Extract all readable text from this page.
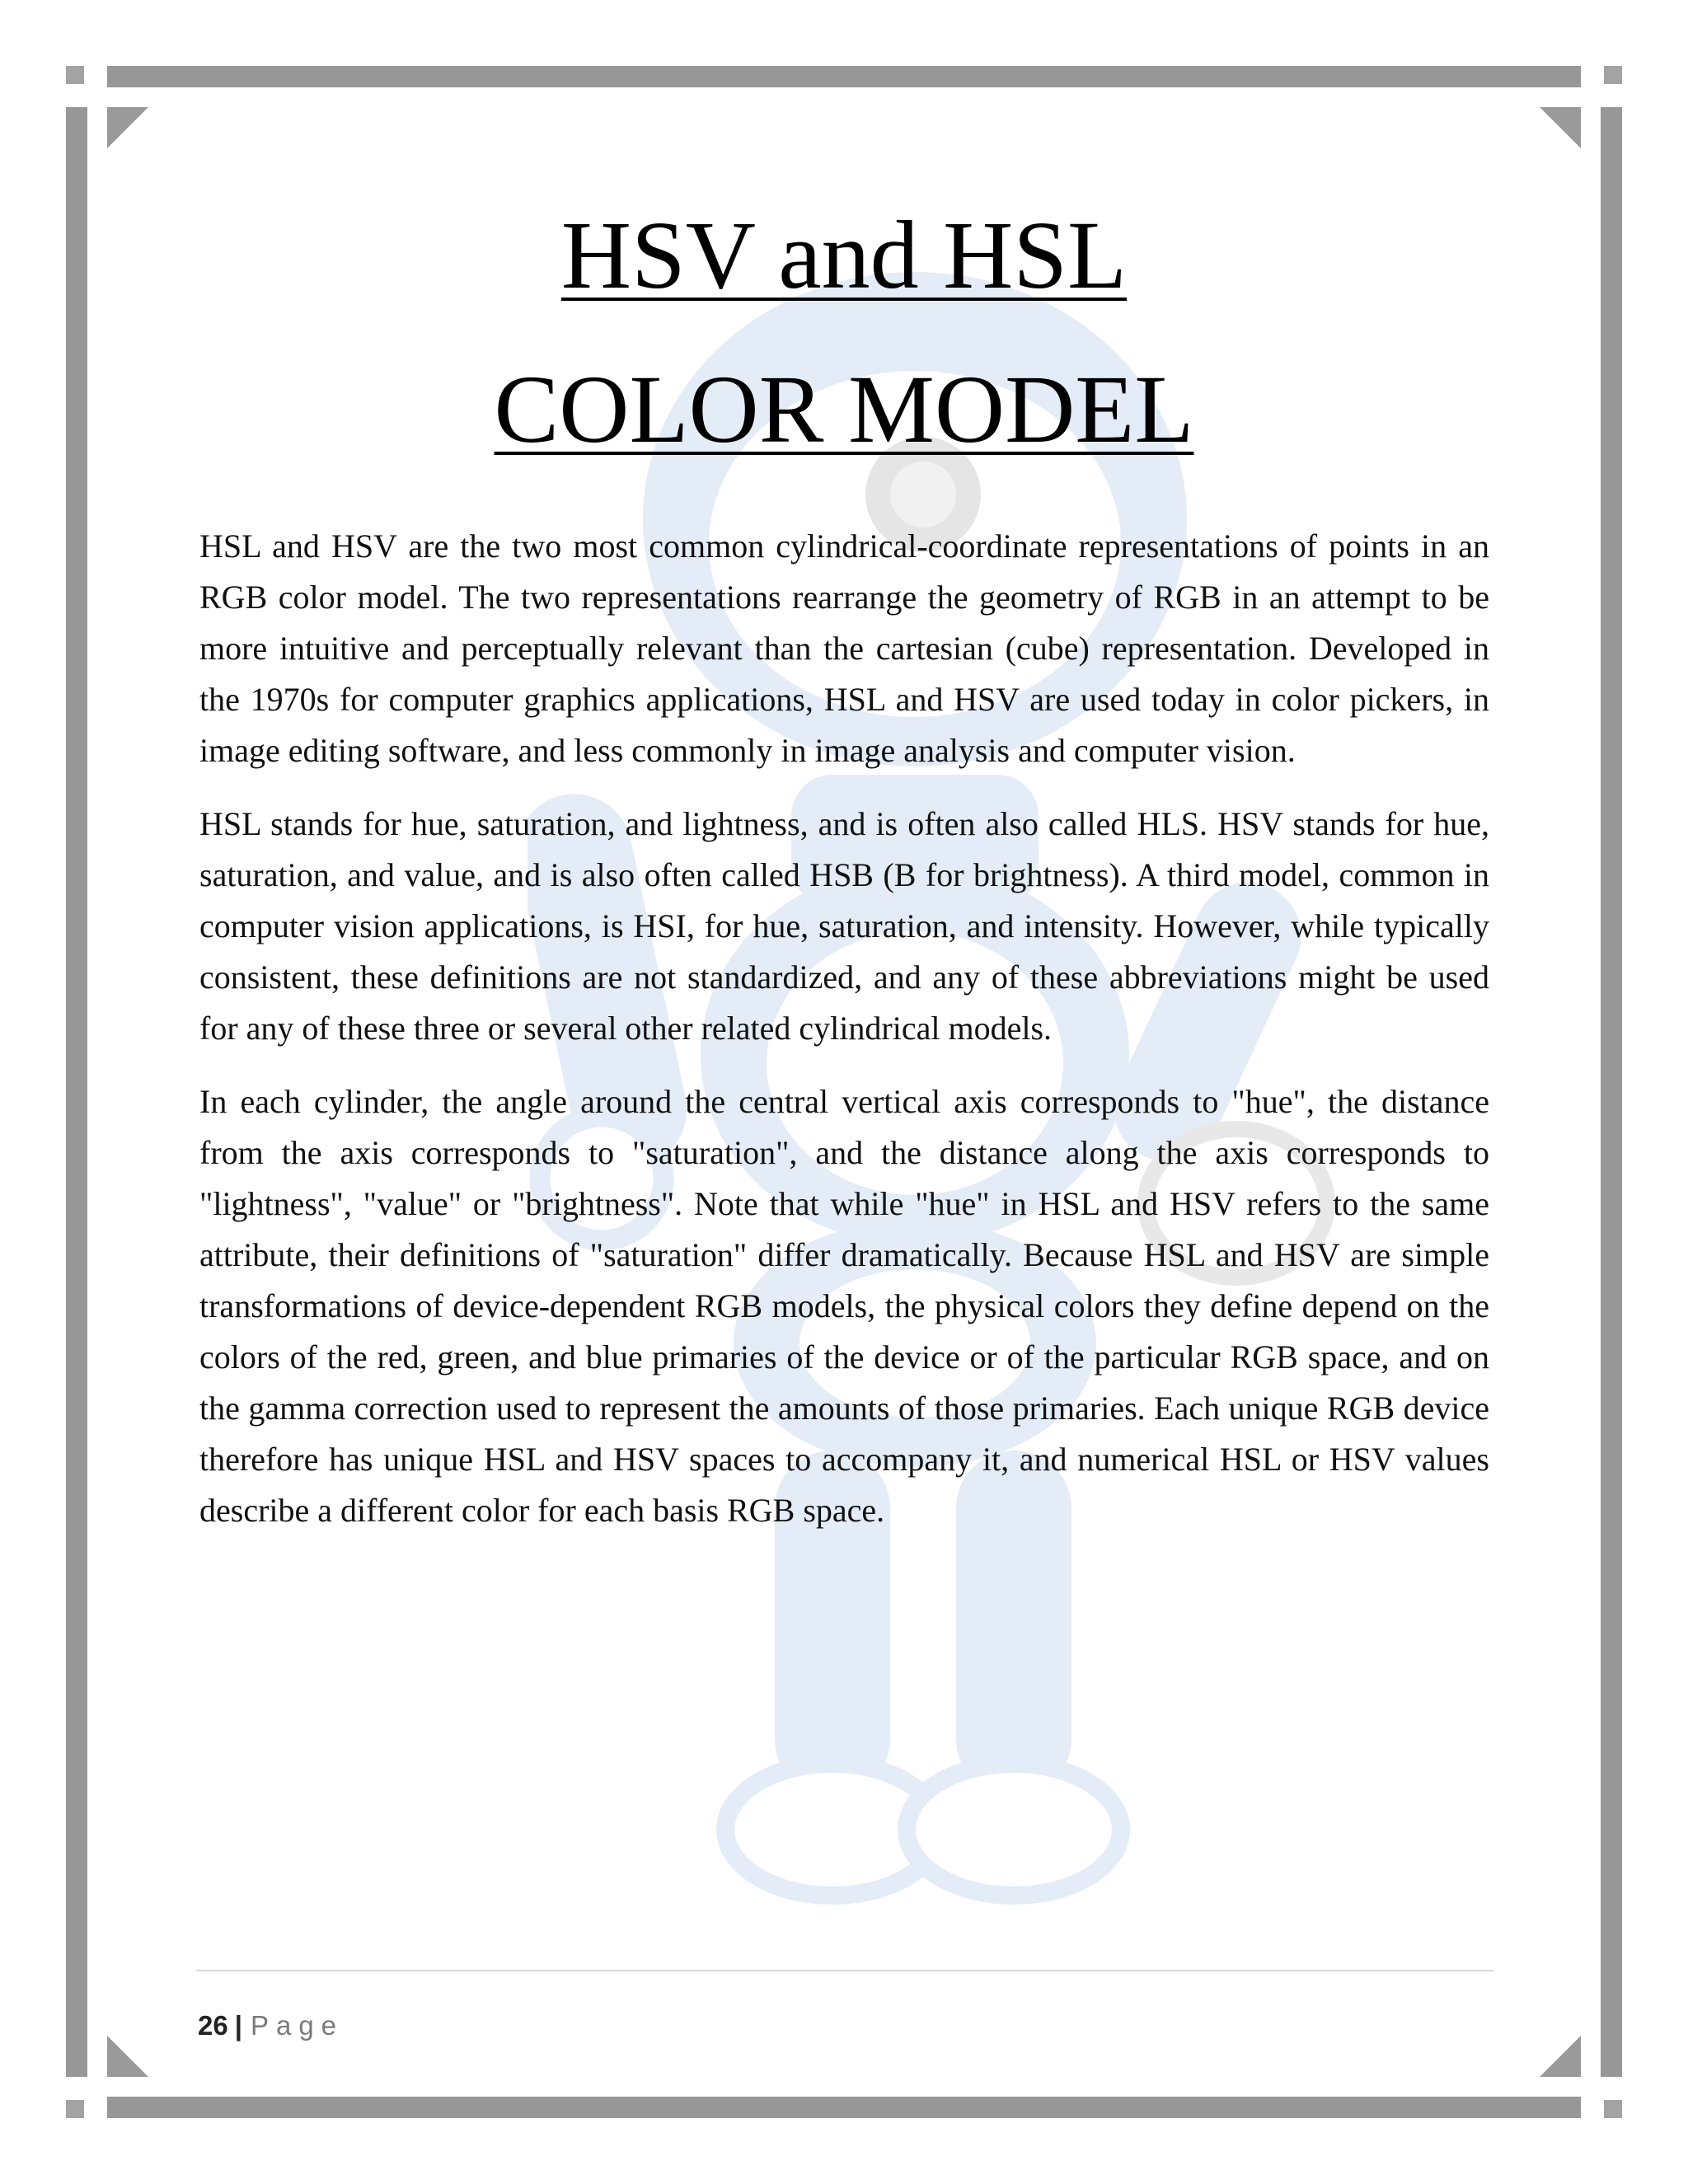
HSV and HSL
COLOR MODEL

HSL and HSV are the two most common cylindrical-coordinate representations of points in an RGB color model. The two representations rearrange the geometry of RGB in an attempt to be more intuitive and perceptually relevant than the cartesian (cube) representation. Developed in the 1970s for computer graphics applications, HSL and HSV are used today in color pickers, in image editing software, and less commonly in image analysis and computer vision.

HSL stands for hue, saturation, and lightness, and is often also called HLS. HSV stands for hue, saturation, and value, and is also often called HSB (B for brightness). A third model, common in computer vision applications, is HSI, for hue, saturation, and intensity. However, while typically consistent, these definitions are not standardized, and any of these abbreviations might be used for any of these three or several other related cylindrical models.

In each cylinder, the angle around the central vertical axis corresponds to "hue", the distance from the axis corresponds to "saturation", and the distance along the axis corresponds to "lightness", "value" or "brightness". Note that while "hue" in HSL and HSV refers to the same attribute, their definitions of "saturation" differ dramatically. Because HSL and HSV are simple transformations of device-dependent RGB models, the physical colors they define depend on the colors of the red, green, and blue primaries of the device or of the particular RGB space, and on the gamma correction used to represent the amounts of those primaries. Each unique RGB device therefore has unique HSL and HSV spaces to accompany it, and numerical HSL or HSV values describe a different color for each basis RGB space.

26 | Page
